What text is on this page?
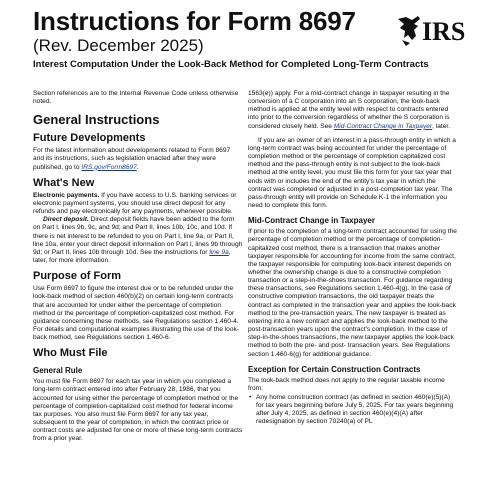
Instructions for Form 8697
(Rev. December 2025)
Interest Computation Under the Look-Back Method for Completed Long-Term Contracts
IRS

Section references are to the Internal Revenue Code unless otherwise noted.

General Instructions
Future Developments

For the latest information about developments related to Form 8697 and its instructions, such as legislation enacted after they were published, go to IRS.gov/Form8697.

What's New

Electronic payments. If you have access to U.S. banking services or electronic payment systems, you should use direct deposit for any refunds and pay electronically for any payments, whenever possible.

Direct deposit. Direct deposit fields have been added to the form on Part I, lines 9b, 9c, and 9d; and Part II, lines 10b, 10c, and 10d. If there is net interest to be refunded to you on Part I, line 9a, or Part II, line 10a, enter your direct deposit information on Part I, lines 9b through 9d; or Part II, lines 10b through 10d. See the instructions for line 9a, later, for more information.

Purpose of Form

Use Form 8697 to figure the interest due or to be refunded under the look-back method of section 460(b)(2) on certain long-term contracts that are accounted for under either the percentage of completion method or the percentage of completion-capitalized cost method. For guidance concerning these methods, see Regulations section 1.460-4. For details and computational examples illustrating the use of the look-back method, see Regulations section 1.460-6.

Who Must File
General Rule

You must file Form 8697 for each tax year in which you completed a long-term contract entered into after February 28, 1986, that you accounted for using either the percentage of completion method or the percentage of completion-capitalized cost method for federal income tax purposes. You also must file Form 8697 for any tax year, subsequent to the year of completion, in which the contract price or contract costs are adjusted for one or more of these long-term contracts from a prior year.

1563(e)) apply. For a mid-contract change in taxpayer resulting in the conversion of a C corporation into an S corporation, the look-back method is applied at the entity level with respect to contracts entered into prior to the conversion regardless of whether the S corporation is considered closely held. See Mid-Contract Change in Taxpayer, later.

If you are an owner of an interest in a pass-through entity in which a long-term contract was being accounted for under the percentage of completion method or the percentage of completion capitalized cost method and the pass-through entity is not subject to the look-back method at the entity level, you must file this form for your tax year that ends with or includes the end of the entity's tax year in which the contract was completed or adjusted in a post-completion tax year. The pass-through entity will provide on Schedule K-1 the information you need to complete this form.

Mid-Contract Change in Taxpayer

If prior to the completion of a long-term contract accounted for using the percentage of completion method or the percentage of completion-capitalized cost method, there is a transaction that makes another taxpayer responsible for accounting for income from the same contract, the taxpayer responsible for computing look-back interest depends on whether the ownership change is due to a constructive completion transaction or a step-in-the-shoes transaction. For guidance regarding these transactions, see Regulations section 1.460-4(g). In the case of constructive completion transactions, the old taxpayer treats the contract as completed in the transaction year and applies the look-back method to the pre-transaction years. The new taxpayer is treated as entering into a new contract and applies the look-back method to the post-transaction years upon the contract's completion. In the case of step-in-the-shoes transactions, the new taxpayer applies the look-back method to both the pre- and post- transaction years. See Regulations section 1.460-6(g) for additional guidance.

Exception for Certain Construction Contracts

The look-back method does not apply to the regular taxable income from:

• Any home construction contract (as defined in section 460(e)(5)(A) for tax years beginning before July 5, 2025. For tax years beginning after July 4, 2025, as defined in section 460(e)(4)(A) after redesignation by section 70240(a) of PL
